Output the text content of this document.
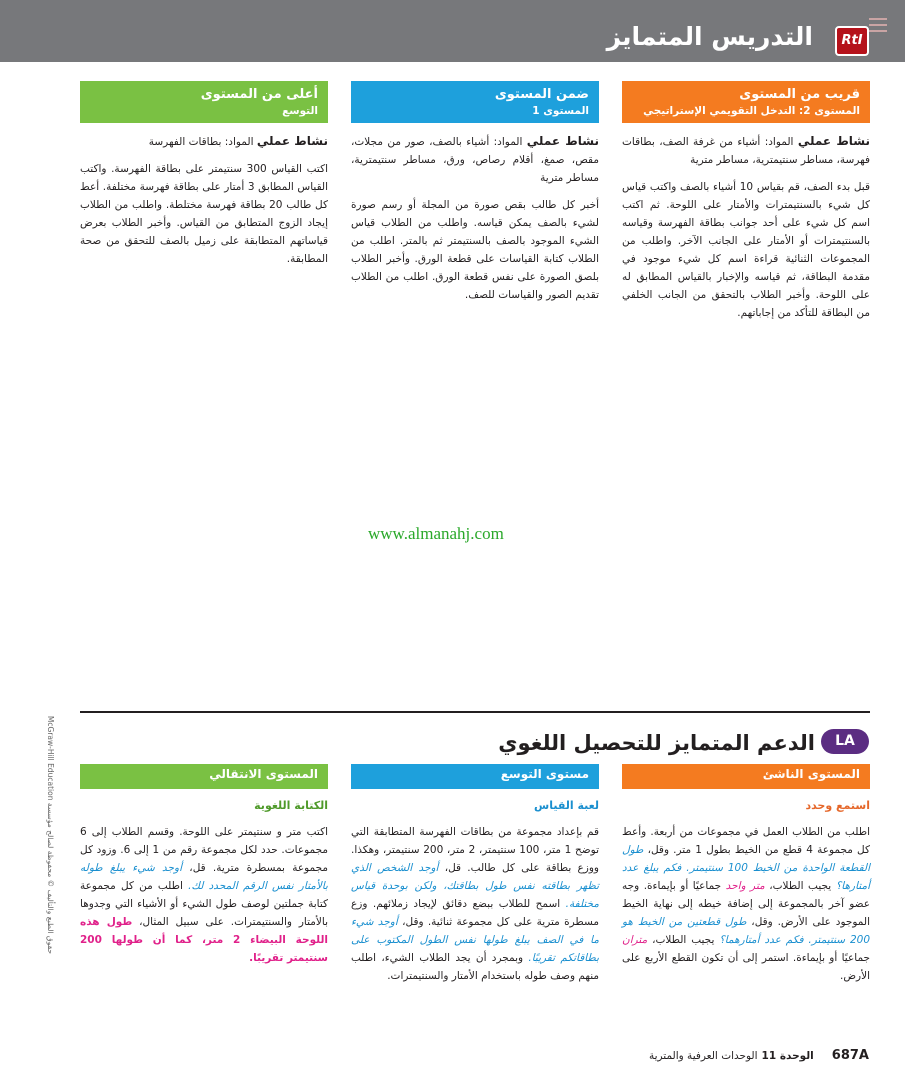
التدريس المتمايز	RtI
قريب من المستوى
المستوى 2: التدخل التقويمي الإستراتيجي
ضمن المستوى
المستوى 1
أعلى من المستوى
التوسع

نشاط عملي المواد: أشياء من غرفة الصف، بطاقات فهرسة، مساطر سنتيمترية، مساطر مترية

قبل بدء الصف، قم بقياس 10 أشياء بالصف واكتب قياس كل شيء بالسنتيمترات والأمتار على اللوحة. ثم اكتب اسم كل شيء على أحد جوانب بطاقة الفهرسة وقياسه بالسنتيمترات أو الأمتار على الجانب الآخر. واطلب من المجموعات الثنائية قراءة اسم كل شيء موجود في مقدمة البطاقة، ثم قياسه والإخبار بالقياس المطابق له على اللوحة. وأخبر الطلاب بالتحقق من الجانب الخلفي من البطاقة للتأكد من إجاباتهم.

نشاط عملي المواد: أشياء بالصف، صور من مجلات، مقص، صمغ، أقلام رصاص، ورق، مساطر سنتيمترية، مساطر مترية

أخبر كل طالب بقص صورة من المجلة أو رسم صورة لشيء بالصف يمكن قياسه. واطلب من الطلاب قياس الشيء الموجود بالصف بالسنتيمتر ثم بالمتر. اطلب من الطلاب كتابة القياسات على قطعة الورق. وأخبر الطلاب بلصق الصورة على نفس قطعة الورق. اطلب من الطلاب تقديم الصور والقياسات للصف.

نشاط عملي المواد: بطاقات الفهرسة

اكتب القياس 300 سنتيمتر على بطاقة الفهرسة. واكتب القياس المطابق 3 أمتار على بطاقة فهرسة مختلفة. أعط كل طالب 20 بطاقة فهرسة مختلطة. واطلب من الطلاب إيجاد الزوج المتطابق من القياس. وأخبر الطلاب بعرض قياساتهم المتطابقة على زميل بالصف للتحقق من صحة المطابقة.

www.almanahj.com
حقوق الطبع والتأليف © محفوظة لصالح مؤسسة McGraw-Hill Education
الدعم المتمايز للتحصيل اللغوي	LA
المستوى الناشئ
مستوى التوسع
المستوى الانتقالي
استمع وحدد
لعبة القياس
الكتابة اللغوية
اطلب من الطلاب العمل في مجموعات من أربعة. وأعط كل مجموعة 4 قطع من الخيط بطول 1 متر. وقل، طول القطعة الواحدة من الخيط 100 سنتيمتر. فكم يبلغ عدد أمتارها؟ يجيب الطلاب، متر واحد جماعيًا أو بإيماءة. وجه عضو آخر بالمجموعة إلى إضافة خيطه إلى نهاية الخيط الموجود على الأرض. وقل، طول قطعتين من الخيط هو 200 سنتيمتر. فكم عدد أمتارهما؟ يجيب الطلاب، متران جماعيًا أو بإيماءة. استمر إلى أن تكون القطع الأربع على الأرض.
قم بإعداد مجموعة من بطاقات الفهرسة المتطابقة التي توضح 1 متر، 100 سنتيمتر، 2 متر، 200 سنتيمتر، وهكذا. ووزع بطاقة على كل طالب. قل، أوجد الشخص الذي تظهر بطاقته نفس طول بطاقتك، ولكن بوحدة قياس مختلفة. اسمح للطلاب ببضع دقائق لإيجاد زملائهم. وزع مسطرة مترية على كل مجموعة ثنائية. وقل، أوجد شيء ما في الصف يبلغ طولها نفس الطول المكتوب على بطاقاتكم تقريبًا. وبمجرد أن يجد الطلاب الشيء، اطلب منهم وصف طوله باستخدام الأمتار والسنتيمترات.
اكتب متر و سنتيمتر على اللوحة. وقسم الطلاب إلى 6 مجموعات. حدد لكل مجموعة رقم من 1 إلى 6. وزود كل مجموعة بمسطرة مترية. قل، أوجد شيء يبلغ طوله بالأمتار نفس الرقم المحدد لك. اطلب من كل مجموعة كتابة جملتين لوصف طول الشيء أو الأشياء التي وجدوها بالأمتار والسنتيمترات. على سبيل المثال، طول هذه اللوحة البيضاء 2 متر، كما أن طولها 200 سنتيمتر تقريبًا.
687Aالوحدة 11الوحدات العرفية والمترية
